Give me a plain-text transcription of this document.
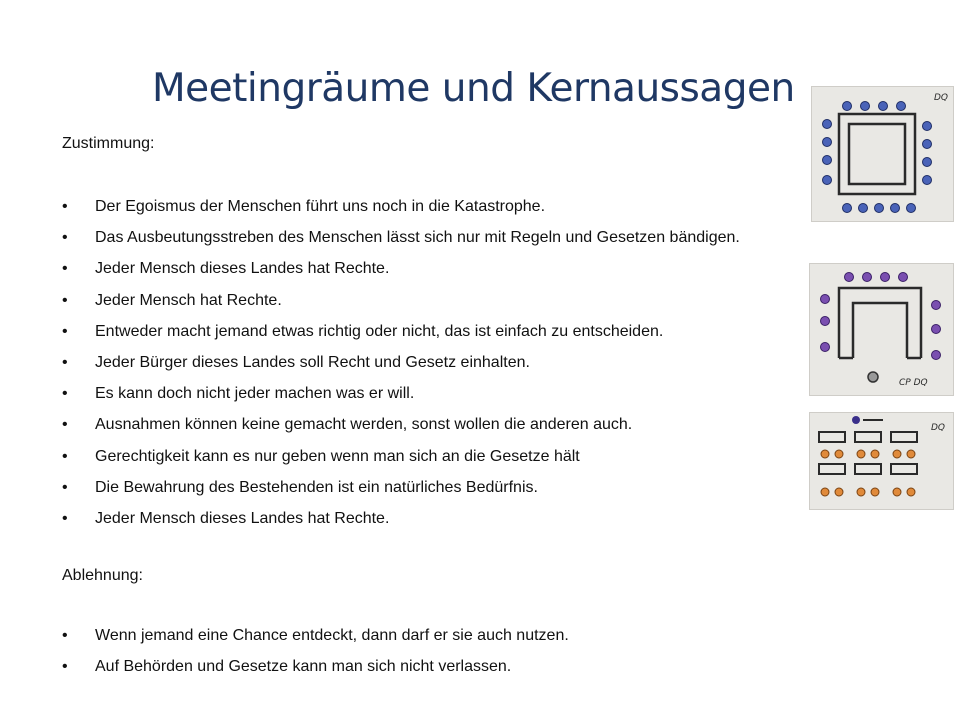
Meetingräume und Kernaussagen
Zustimmung:
• Der Egoismus der Menschen führt uns noch in die Katastrophe.
• Das Ausbeutungsstreben des Menschen lässt sich nur mit Regeln und Gesetzen bändigen.
• Jeder Mensch dieses Landes hat Rechte.
• Jeder Mensch hat Rechte.
• Entweder macht jemand etwas richtig oder nicht, das ist einfach zu entscheiden.
• Jeder Bürger dieses Landes soll Recht und Gesetz einhalten.
• Es kann doch nicht jeder machen was er will.
• Ausnahmen können keine gemacht werden, sonst wollen die anderen auch.
• Gerechtigkeit kann es nur geben wenn man sich an die Gesetze hält
• Die Bewahrung des Bestehenden ist ein natürliches Bedürfnis.
• Jeder Mensch dieses Landes hat Rechte.
Ablehnung:
• Wenn jemand eine Chance entdeckt, dann darf er sie auch nutzen.
• Auf Behörden und Gesetze kann man sich nicht verlassen.
DQ
CP DQ
DQ
